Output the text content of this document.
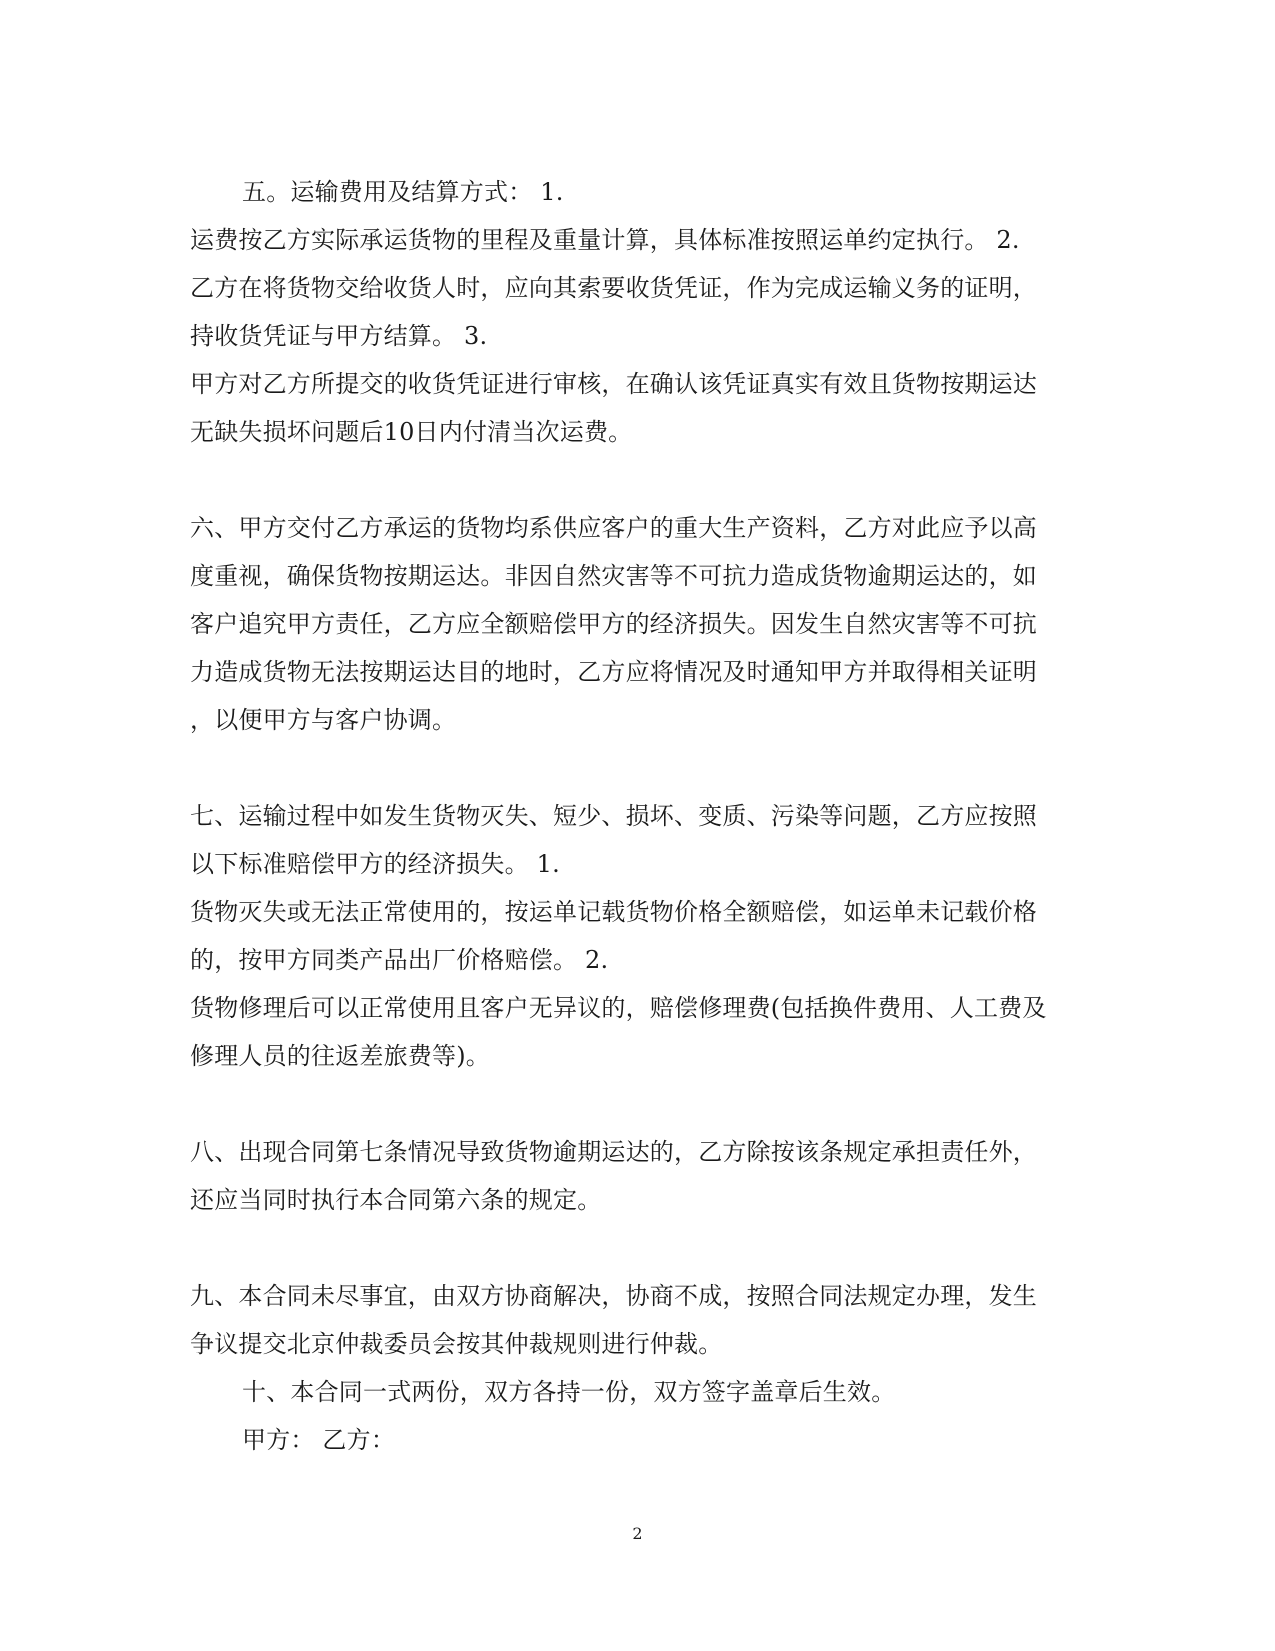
五。运输费用及结算方式： 1.
运费按乙方实际承运货物的里程及重量计算，具体标准按照运单约定执行。 2.
乙方在将货物交给收货人时，应向其索要收货凭证，作为完成运输义务的证明，
持收货凭证与甲方结算。 3.
甲方对乙方所提交的收货凭证进行审核，在确认该凭证真实有效且货物按期运达
无缺失损坏问题后10日内付清当次运费。
六、甲方交付乙方承运的货物均系供应客户的重大生产资料，乙方对此应予以高
度重视，确保货物按期运达。非因自然灾害等不可抗力造成货物逾期运达的，如
客户追究甲方责任，乙方应全额赔偿甲方的经济损失。因发生自然灾害等不可抗
力造成货物无法按期运达目的地时，乙方应将情况及时通知甲方并取得相关证明
，以便甲方与客户协调。
七、运输过程中如发生货物灭失、短少、损坏、变质、污染等问题，乙方应按照
以下标准赔偿甲方的经济损失。 1.
货物灭失或无法正常使用的，按运单记载货物价格全额赔偿，如运单未记载价格
的，按甲方同类产品出厂价格赔偿。 2.
货物修理后可以正常使用且客户无异议的，赔偿修理费(包括换件费用、人工费及
修理人员的往返差旅费等)。
八、出现合同第七条情况导致货物逾期运达的，乙方除按该条规定承担责任外，
还应当同时执行本合同第六条的规定。
九、本合同未尽事宜，由双方协商解决，协商不成，按照合同法规定办理，发生
争议提交北京仲裁委员会按其仲裁规则进行仲裁。
十、本合同一式两份，双方各持一份，双方签字盖章后生效。
甲方： 乙方：
2
